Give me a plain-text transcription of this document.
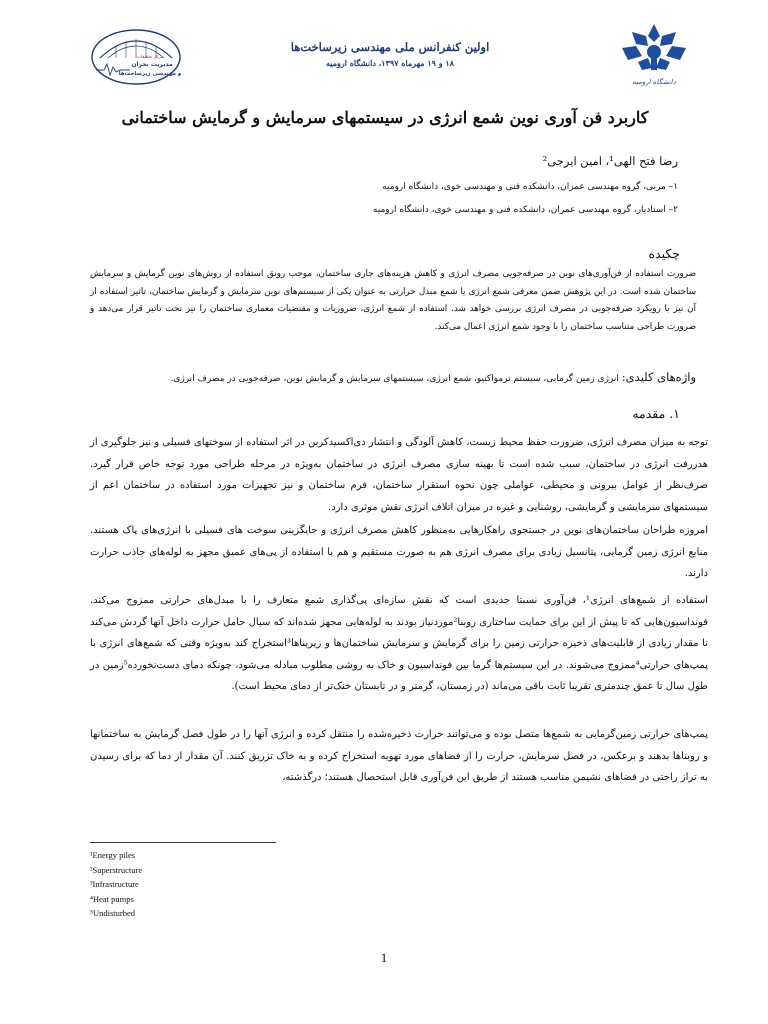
مرکز تحقیقات
مدیریت بحران
و مهندسی زیرساخت‌ها
اولین کنفرانس ملی مهندسی زیرساخت‌ها
۱۸ و ۱۹ مهرماه ۱۳۹۷، دانشگاه ارومیه
دانشگاه ارومیه
کاربرد فن آوری نوین شمع انرژی در سیستمهای سرمایش و گرمایش ساختمانی
رضا فتح الهی¹، امین ایرجی²
۱– مربی، گروه مهندسی عمران، دانشکده فنی و مهندسی خوی، دانشگاه ارومیه
۲– استادیار، گروه مهندسی عمران، دانشکده فنی و مهندسی خوی، دانشگاه ارومیه
چکیده
ضرورت استفاده از فن‌آوری‌های نوین در صرفه‌جویی مصرف انرژی و کاهش هزینه‌های جاری ساختمان، موجب رونق استفاده از روش‌های نوین گرمایش و سرمایش ساختمان شده است. در این پژوهش ضمن معرفی شمع انرژی یا شمع مبدل حرارتی به عنوان یکی از سیستم‌های نوین سرمایش و گرمایش ساختمان، تاثیر استفاده از آن نیز با رویکرد صرفه‌جویی در مصرف انرژی بررسی خواهد شد. استفاده از شمع انرژی، ضروریات و مقتضیات معماری ساختمان را نیز تحت تاثیر قرار می‌دهد و ضرورت طراحی متناسب ساختمان را با وجود شمع انرژی اعمال می‌کند.
واژه‌های کلیدی: انرژی زمین گرمایی، سیستم ترمواکتیو، شمع انرژی، سیستمهای سرمایش و گرمایش نوین، صرفه‌جویی در مصرف انرژی.
۱. مقدمه
توجه به میزان مصرف انرژی، ضرورت حفظ محیط زیست، کاهش آلودگی و انتشار دی‌اکسیدکربن در اثر استفاده از سوختهای فسیلی و نیز جلوگیری از هدررفت انرژی در ساختمان، سبب شده است تا بهینه سازی مصرف انرژی در ساختمان به‌ویژه در مرحله طراحی مورد توجه خاص قرار گیرد. صرف‌نظر از عوامل بیرونی و محیطی، عواملی چون نحوه استقرار ساختمان، فرم ساختمان و نیز تجهیزات مورد استفاده در ساختمان اعم از سیستمهای سرمایشی و گرمایشی، روشنایی و غیره در میزان اتلاف انرژی نقش موثری دارد.
امروزه طراحان ساختمان‌های نوین در جستجوی راهکارهایی به‌منظور کاهش مصرف انرژی و جایگزینی سوخت های فسیلی با انرژی‌های پاک هستند. منابع انرژی زمین گرمایی، پتانسیل زیادی برای مصرف انرژی هم به صورت مستقیم و هم با استفاده از پی‌های عمیق مجهز به لوله‌های جاذب حرارت دارند.
استفاده از شمع‌های انرژی¹، فن‌آوری نسبتا جدیدی است که نقش سازه‌ای پی‌گذاری شمع متعارف را با مبدل‌های حرارتی ممزوج می‌کند. فونداسیون‌هایی که تا پیش از این برای حمایت ساختاری روبنا²موردنیاز بودند به لوله‌هایی مجهز شده‌اند که سیال حامل حرارت داخل آنها گردش می‌کند تا مقدار زیادی از قابلیت‌های ذخیره حرارتی زمین را برای گرمایش و سرمایش ساختمان‌ها و زیربناها³استخراج کند به‌ویژه وقتی که شمع‌های انرژی با پمپ‌های حرارتی⁴ممزوج می‌شوند. در این سیستم‌ها گرما بین فونداسیون و خاک به روشی مطلوب مبادله می‌شود، چونکه دمای دست‌نخورده⁵زمین در طول سال تا عمق چندمتری تقریبا ثابت باقی می‌ماند (در زمستان، گرمتر و در تابستان خنک‌تر از دمای محیط است).
پمپ‌های حرارتی زمین‌گرمایی به شمع‌ها متصل بوده و می‌توانند حرارت ذخیره‌شده را منتقل کرده و انرژی آنها را در طول فصل گرمایش به ساختمانها و روبناها بدهند و برعکس، در فصل سرمایش، حرارت را از فضاهای مورد تهویه استخراج کرده و به خاک تزریق کنند. آن مقدار از دما که برای رسیدن به تراز راحتی در فضاهای نشیمن مناسب هستند از طریق این فن‌آوری قابل استحصال هستند؛ درگذشته،
¹Energy piles
²Superstructure
³Infrastructure
⁴Heat pumps
⁵Undisturbed
1
